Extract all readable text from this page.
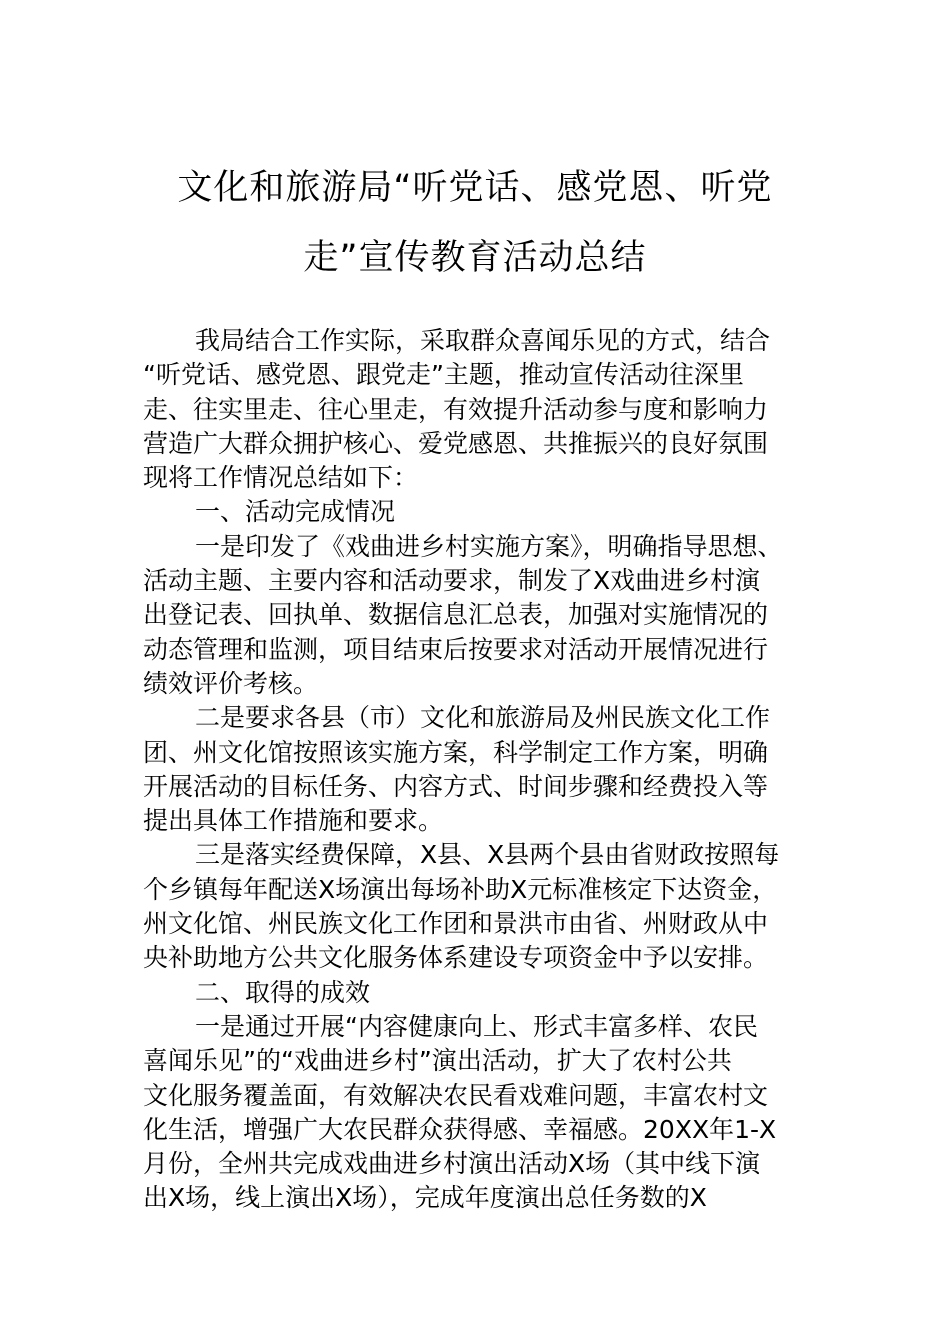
文化和旅游局“听党话、感党恩、听党
走”宣传教育活动总结
我局结合工作实际，采取群众喜闻乐见的方式，结合
“听党话、感党恩、跟党走”主题，推动宣传活动往深里
走、往实里走、往心里走，有效提升活动参与度和影响力
营造广大群众拥护核心、爱党感恩、共推振兴的良好氛围
现将工作情况总结如下：
一、活动完成情况
一是印发了《戏曲进乡村实施方案》，明确指导思想、
活动主题、主要内容和活动要求，制发了X戏曲进乡村演
出登记表、回执单、数据信息汇总表，加强对实施情况的
动态管理和监测，项目结束后按要求对活动开展情况进行
绩效评价考核。
二是要求各县（市）文化和旅游局及州民族文化工作
团、州文化馆按照该实施方案，科学制定工作方案，明确
开展活动的目标任务、内容方式、时间步骤和经费投入等
提出具体工作措施和要求。
三是落实经费保障，X县、X县两个县由省财政按照每
个乡镇每年配送X场演出每场补助X元标准核定下达资金，
州文化馆、州民族文化工作团和景洪市由省、州财政从中
央补助地方公共文化服务体系建设专项资金中予以安排。
二、取得的成效
一是通过开展“内容健康向上、形式丰富多样、农民
喜闻乐见”的“戏曲进乡村”演出活动，扩大了农村公共
文化服务覆盖面，有效解决农民看戏难问题，丰富农村文
化生活，增强广大农民群众获得感、幸福感。20XX年1-X
月份，全州共完成戏曲进乡村演出活动X场（其中线下演
出X场，线上演出X场），完成年度演出总任务数的X
